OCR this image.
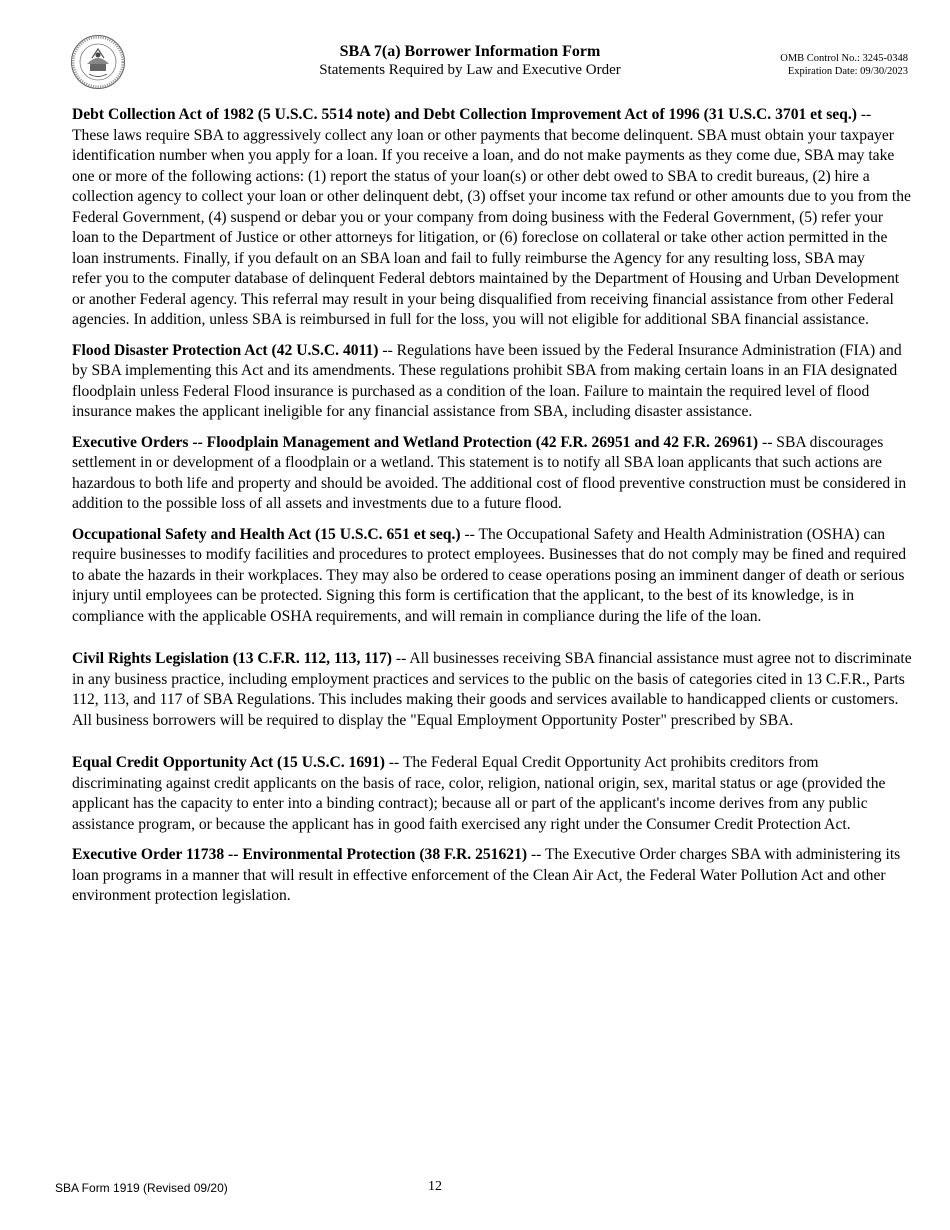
SBA 7(a) Borrower Information Form
Statements Required by Law and Executive Order
OMB Control No.: 3245-0348
Expiration Date: 09/30/2023

Debt Collection Act of 1982 (5 U.S.C. 5514 note) and Debt Collection Improvement Act of 1996 (31 U.S.C. 3701 et seq.) -- These laws require SBA to aggressively collect any loan or other payments that become delinquent. SBA must obtain your taxpayer identification number when you apply for a loan. If you receive a loan, and do not make payments as they come due, SBA may take one or more of the following actions: (1) report the status of your loan(s) or other debt owed to SBA to credit bureaus, (2) hire a collection agency to collect your loan or other delinquent debt, (3) offset your income tax refund or other amounts due to you from the Federal Government, (4) suspend or debar you or your company from doing business with the Federal Government, (5) refer your loan to the Department of Justice or other attorneys for litigation, or (6) foreclose on collateral or take other action permitted in the loan instruments. Finally, if you default on an SBA loan and fail to fully reimburse the Agency for any resulting loss, SBA may

refer you to the computer database of delinquent Federal debtors maintained by the Department of Housing and Urban Development or another Federal agency. This referral may result in your being disqualified from receiving financial assistance from other Federal agencies. In addition, unless SBA is reimbursed in full for the loss, you will not eligible for additional SBA financial assistance.

Flood Disaster Protection Act (42 U.S.C. 4011) -- Regulations have been issued by the Federal Insurance Administration (FIA) and by SBA implementing this Act and its amendments. These regulations prohibit SBA from making certain loans in an FIA designated floodplain unless Federal Flood insurance is purchased as a condition of the loan. Failure to maintain the required level of flood insurance makes the applicant ineligible for any financial assistance from SBA, including disaster assistance.

Executive Orders -- Floodplain Management and Wetland Protection (42 F.R. 26951 and 42 F.R. 26961) -- SBA discourages settlement in or development of a floodplain or a wetland. This statement is to notify all SBA loan applicants that such actions are hazardous to both life and property and should be avoided. The additional cost of flood preventive construction must be considered in addition to the possible loss of all assets and investments due to a future flood.

Occupational Safety and Health Act (15 U.S.C. 651 et seq.) -- The Occupational Safety and Health Administration (OSHA) can require businesses to modify facilities and procedures to protect employees. Businesses that do not comply may be fined and required to abate the hazards in their workplaces. They may also be ordered to cease operations posing an imminent danger of death or serious injury until employees can be protected. Signing this form is certification that the applicant, to the best of its knowledge, is in compliance with the applicable OSHA requirements, and will remain in compliance during the life of the loan.

Civil Rights Legislation (13 C.F.R. 112, 113, 117) -- All businesses receiving SBA financial assistance must agree not to discriminate in any business practice, including employment practices and services to the public on the basis of categories cited in 13 C.F.R., Parts 112, 113, and 117 of SBA Regulations. This includes making their goods and services available to handicapped clients or customers. All business borrowers will be required to display the "Equal Employment Opportunity Poster" prescribed by SBA.

Equal Credit Opportunity Act (15 U.S.C. 1691) -- The Federal Equal Credit Opportunity Act prohibits creditors from discriminating against credit applicants on the basis of race, color, religion, national origin, sex, marital status or age (provided the applicant has the capacity to enter into a binding contract); because all or part of the applicant's income derives from any public assistance program, or because the applicant has in good faith exercised any right under the Consumer Credit Protection Act.

Executive Order 11738 -- Environmental Protection (38 F.R. 251621) -- The Executive Order charges SBA with administering its loan programs in a manner that will result in effective enforcement of the Clean Air Act, the Federal Water Pollution Act and other environment protection legislation.

SBA Form 1919 (Revised 09/20)	12
